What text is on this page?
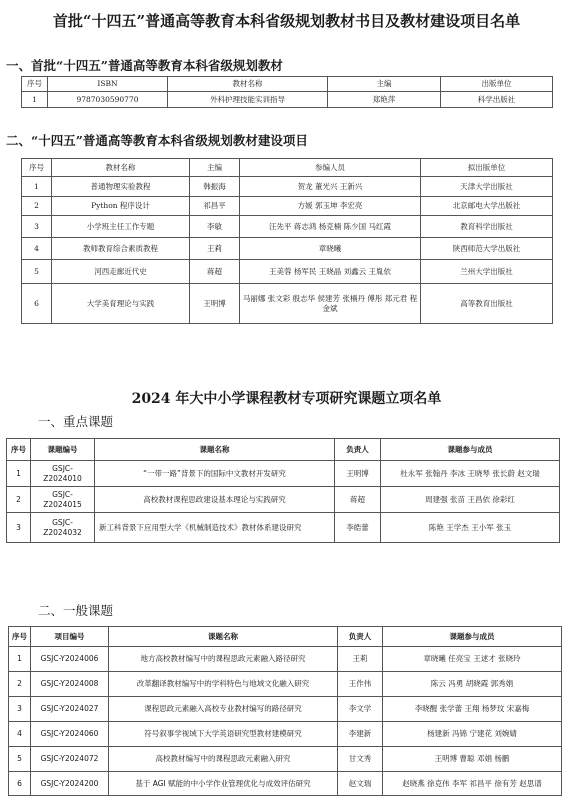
首批“十四五”普通高等教育本科省级规划教材书目及教材建设项目名单
一、首批“十四五”普通高等教育本科省级规划教材
序号	ISBN	教材名称	主编	出版单位
1	9787030590770	外科护理技能实训指导	郑艳萍	科学出版社
二、“十四五”普通高等教育本科省级规划教材建设项目
序号	教材名称	主编	参编人员	拟出版单位
1	普通物理实验教程	韩振海	贺龙 董光兴 王新兴	天津大学出版社
2	Python 程序设计	祁昌平	方媛 郭玉坤 李宏亮	北京邮电大学出版社
3	小学班主任工作专题	李敏	汪先平 蒋志鸿 杨克楠 陈少国 马红霞	教育科学出版社
4	教师教育综合素质教程	王莉	章晓曦	陕西师范大学出版社
5	河西走廊近代史	蒋超	王美蓉 杨军民 王晓晶 刘鑫云 王胤依	兰州大学出版社
6	大学美育理论与实践	王明博	马丽娜 张文彩 殷志华 侯建芳 张楠丹 傅彤 郑元君 程金斌	高等教育出版社
2024 年大中小学课程教材专项研究课题立项名单
一、重点课题
序号	课题编号	课题名称	负责人	课题参与成员
1	GSJC-Z2024010	“一带一路”背景下的国际中文教材开发研究	王明博	杜永军 张翰丹 李冰 王晓琴 张长蔚 赵文瑞
2	GSJC-Z2024015	高校教材课程思政建设基本理论与实践研究	蒋超	周建强 张苗 王昌依 徐彩红
3	GSJC-Z2024032	新工科背景下应用型大学《机械制造技术》教材体系建设研究	李皓蕾	陈艳 王学杰 王小军 张玉
二、一般课题
序号	项目编号	课题名称	负责人	课题参与成员
1	GSJC-Y2024006	地方高校教材编写中的课程思政元素融入路径研究	王莉	章晓曦 任亮宝 王逑才 张晓玲
2	GSJC-Y2024008	改革翻译教材编写中的学科特色与地域文化融入研究	王作伟	陈云 冯勇 胡晓霞 郭秀娟
3	GSJC-Y2024027	课程思政元素融入高校专业教材编写的路径研究	李文学	李晓醒 张学蕾 王翔 杨梦玟 宋嘉梅
4	GSJC-Y2024060	符号叙事学视域下大学英语研究型教材建模研究	李建新	杨建新 冯锦 宁建花 刘婉婧
5	GSJC-Y2024072	高校教材编写中的课程思政元素融入研究	甘文秀	王明博 曹聪 邓娟 杨鹏
6	GSJC-Y2024200	基于 AGI 赋能的中小学作业管理优化与成效评估研究	赵文瑞	赵晓燕 徐克伟 李军 祁昌平 徐有芳 赵思谱
